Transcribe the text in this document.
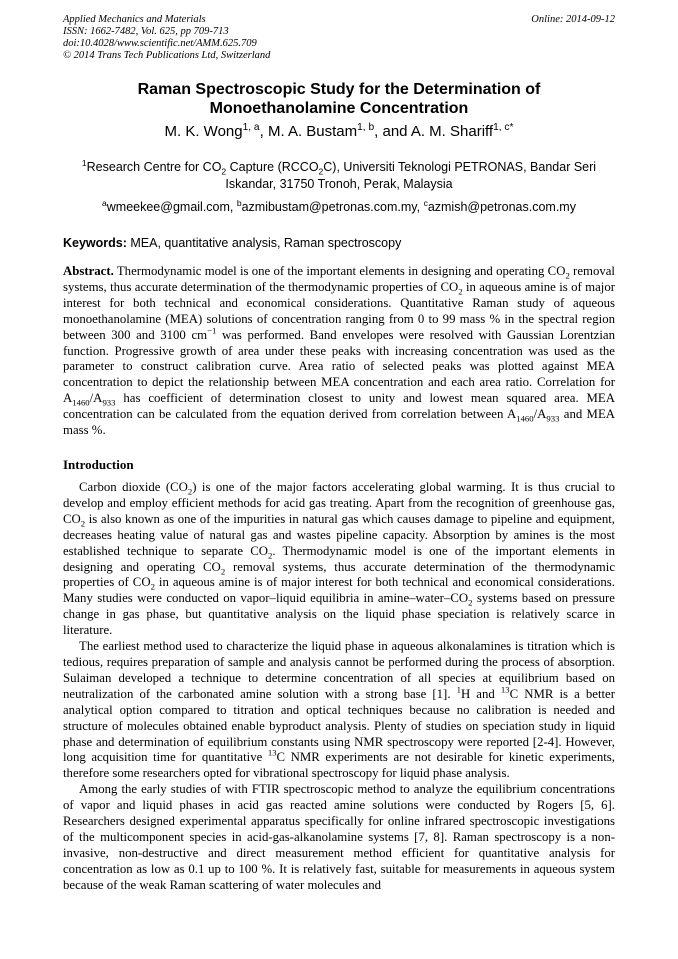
Applied Mechanics and Materials
ISSN: 1662-7482, Vol. 625, pp 709-713
doi:10.4028/www.scientific.net/AMM.625.709
© 2014 Trans Tech Publications Ltd, Switzerland
Online: 2014-09-12
Raman Spectroscopic Study for the Determination of
Monoethanolamine Concentration
M. K. Wong$^{1, a}$, M. A. Bustam$^{1, b}$, and A. M. Shariff$^{1, c*}$
$^1$Research Centre for $CO_2$ Capture $(RCCO_2C)$, Universiti Teknologi PETRONAS, Bandar Seri
Iskandar, 31750 Tronoh, Perak, Malaysia
$^a$wmeekee@gmail.com, $^b$azmibustam@petronas.com.my, $^c$azmish@petronas.com.my
Keywords: MEA, quantitative analysis, Raman spectroscopy
Abstract. Thermodynamic model is one of the important elements in designing and operating $CO_2$ removal systems, thus accurate determination of the thermodynamic properties of $CO_2$ in aqueous amine is of major interest for both technical and economical considerations. Quantitative Raman study of aqueous monoethanolamine (MEA) solutions of concentration ranging from 0 to 99 mass % in the spectral region between 300 and 3100 $cm^{-1}$ was performed. Band envelopes were resolved with Gaussian Lorentzian function. Progressive growth of area under these peaks with increasing concentration was used as the parameter to construct calibration curve. Area ratio of selected peaks was plotted against MEA concentration to depict the relationship between MEA concentration and each area ratio. Correlation for $A_{1460}/A_{933}$ has coefficient of determination closest to unity and lowest mean squared area. MEA concentration can be calculated from the equation derived from correlation between $A_{1460}/A_{933}$ and MEA mass %.
Introduction

Carbon dioxide $(CO_2)$ is one of the major factors accelerating global warming. It is thus crucial to develop and employ efficient methods for acid gas treating. Apart from the recognition of greenhouse gas, $CO_2$ is also known as one of the impurities in natural gas which causes damage to pipeline and equipment, decreases heating value of natural gas and wastes pipeline capacity. Absorption by amines is the most established technique to separate $CO_2$. Thermodynamic model is one of the important elements in designing and operating $CO_2$ removal systems, thus accurate determination of the thermodynamic properties of $CO_2$ in aqueous amine is of major interest for both technical and economical considerations. Many studies were conducted on vapor–liquid equilibria in amine–$water-CO_2$ systems based on pressure change in gas phase, but quantitative analysis on the liquid phase speciation is relatively scarce in literature.

The earliest method used to characterize the liquid phase in aqueous alkonalamines is titration which is tedious, requires preparation of sample and analysis cannot be performed during the process of absorption. Sulaiman developed a technique to determine concentration of all species at equilibrium based on neutralization of the carbonated amine solution with a strong base [1]. $^1$H and $^{13}$C NMR is a better analytical option compared to titration and optical techniques because no calibration is needed and structure of molecules obtained enable byproduct analysis. Plenty of studies on speciation study in liquid phase and determination of equilibrium constants using NMR spectroscopy were reported [2-4]. However, long acquisition time for quantitative $^{13}$C NMR experiments are not desirable for kinetic experiments, therefore some researchers opted for vibrational spectroscopy for liquid phase analysis.

Among the early studies of with FTIR spectroscopic method to analyze the equilibrium concentrations of vapor and liquid phases in acid gas reacted amine solutions were conducted by Rogers [5, 6]. Researchers designed experimental apparatus specifically for online infrared spectroscopic investigations of the multicomponent species in acid-gas-alkanolamine systems [7, 8]. Raman spectroscopy is a non-invasive, non-destructive and direct measurement method efficient for quantitative analysis for concentration as low as 0.1 up to 100 %. It is relatively fast, suitable for measurements in aqueous system because of the weak Raman scattering of water molecules and
